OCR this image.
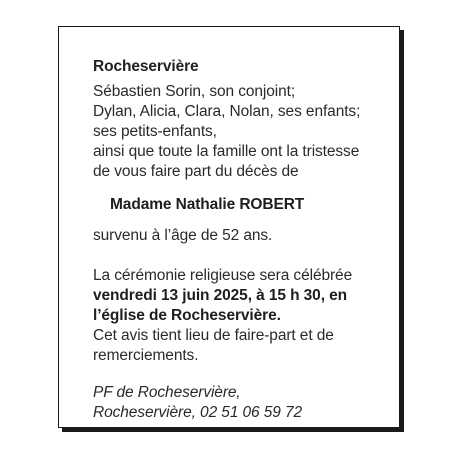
Rocheservière
Sébastien Sorin, son conjoint;
Dylan, Alicia, Clara, Nolan, ses enfants;
ses petits-enfants,
ainsi que toute la famille ont la tristesse
de vous faire part du décès de
Madame Nathalie ROBERT
survenu à l’âge de 52 ans.
La cérémonie religieuse sera célébrée
vendredi 13 juin 2025, à 15 h 30, en
l’église de Rocheservière.
Cet avis tient lieu de faire-part et de
remerciements.
PF de Rocheservière,
Rocheservière, 02 51 06 59 72
